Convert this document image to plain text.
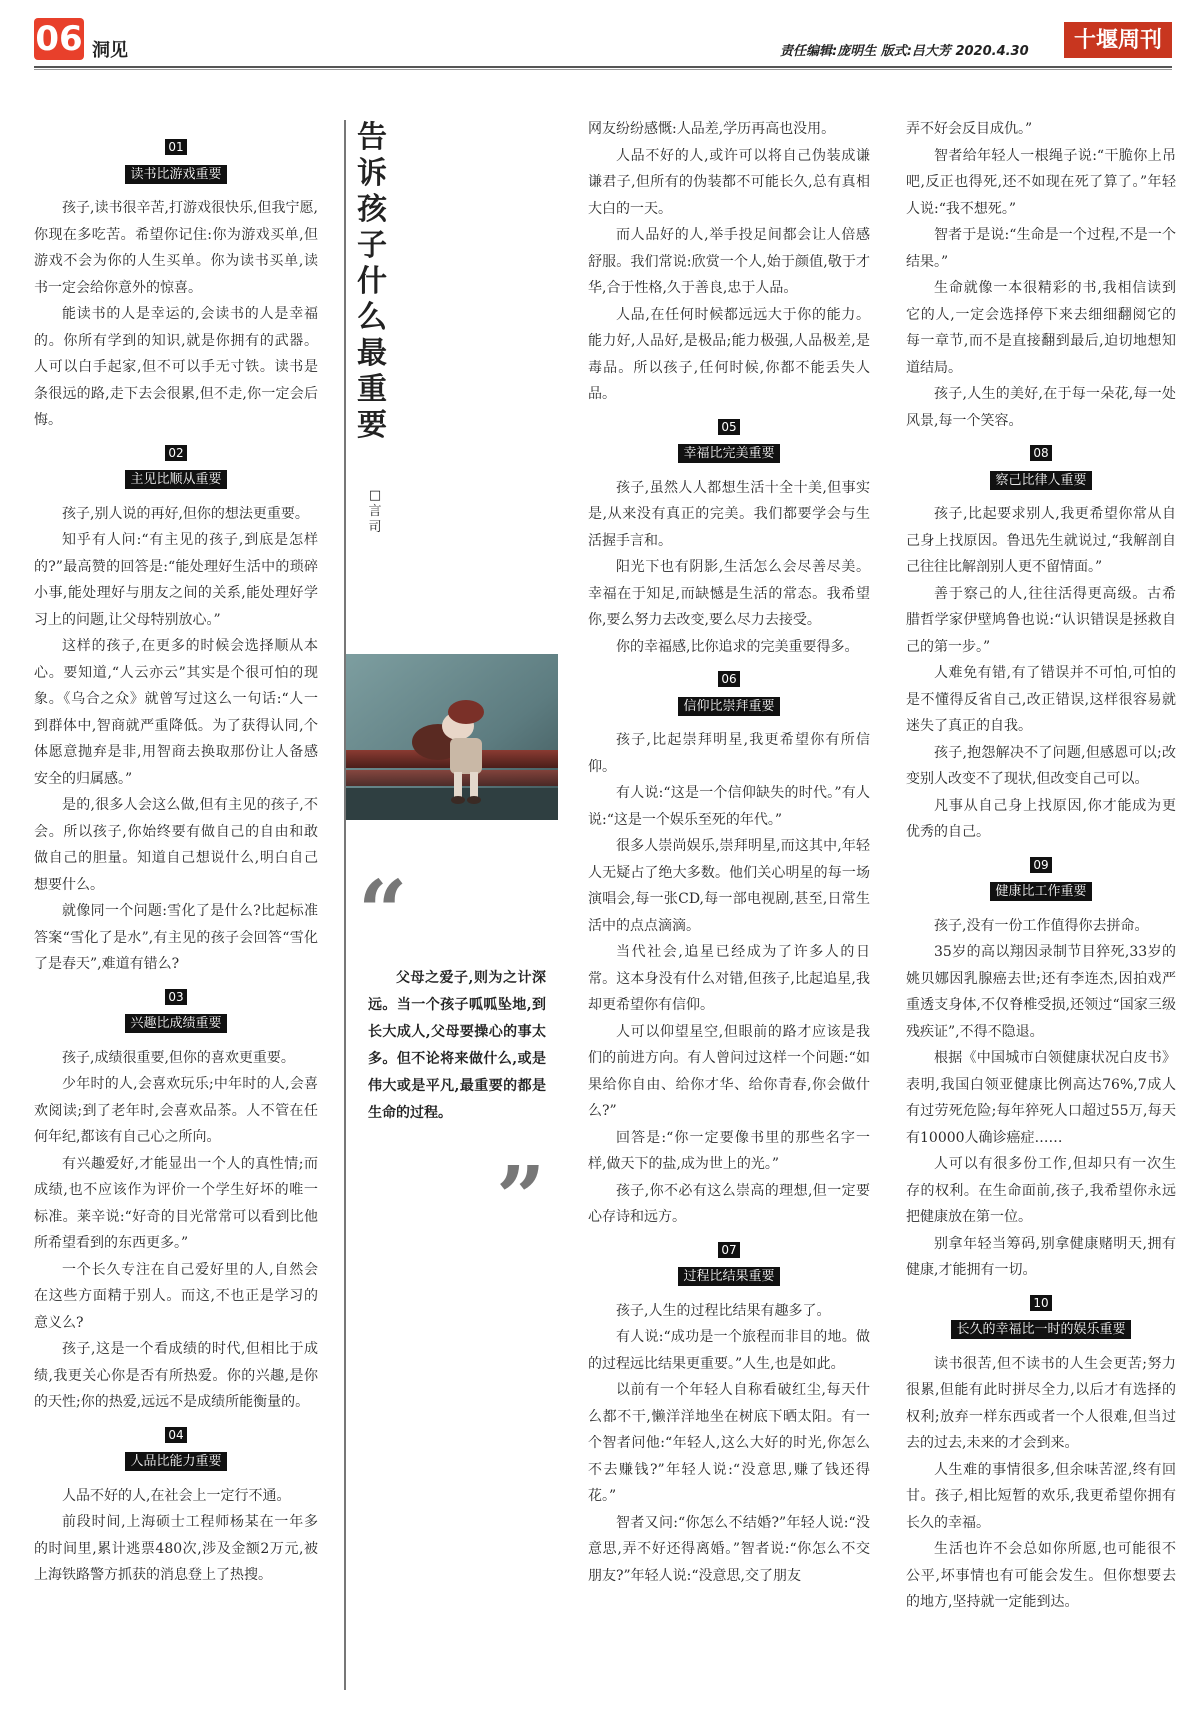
06 洞见	责任编辑:庞明生 版式:吕大芳 2020.4.30	十堰周刊
01
读书比游戏重要

孩子,读书很辛苦,打游戏很快乐,但我宁愿,你现在多吃苦。希望你记住:你为游戏买单,但游戏不会为你的人生买单。你为读书买单,读书一定会给你意外的惊喜。

能读书的人是幸运的,会读书的人是幸福的。你所有学到的知识,就是你拥有的武器。人可以白手起家,但不可以手无寸铁。读书是条很远的路,走下去会很累,但不走,你一定会后悔。

02
主见比顺从重要

孩子,别人说的再好,但你的想法更重要。

知乎有人问:“有主见的孩子,到底是怎样的?”最高赞的回答是:“能处理好生活中的琐碎小事,能处理好与朋友之间的关系,能处理好学习上的问题,让父母特别放心。”

这样的孩子,在更多的时候会选择顺从本心。要知道,“人云亦云”其实是个很可怕的现象。《乌合之众》就曾写过这么一句话:“人一到群体中,智商就严重降低。为了获得认同,个体愿意抛弃是非,用智商去换取那份让人备感安全的归属感。”

是的,很多人会这么做,但有主见的孩子,不会。所以孩子,你始终要有做自己的自由和敢做自己的胆量。知道自己想说什么,明白自己想要什么。

就像同一个问题:雪化了是什么?比起标准答案“雪化了是水”,有主见的孩子会回答“雪化了是春天”,难道有错么?

03
兴趣比成绩重要

孩子,成绩很重要,但你的喜欢更重要。

少年时的人,会喜欢玩乐;中年时的人,会喜欢阅读;到了老年时,会喜欢品茶。人不管在任何年纪,都该有自己心之所向。

有兴趣爱好,才能显出一个人的真性情;而成绩,也不应该作为评价一个学生好坏的唯一标准。莱辛说:“好奇的目光常常可以看到比他所希望看到的东西更多。”

一个长久专注在自己爱好里的人,自然会在这些方面精于别人。而这,不也正是学习的意义么?

孩子,这是一个看成绩的时代,但相比于成绩,我更关心你是否有所热爱。你的兴趣,是你的天性;你的热爱,远远不是成绩所能衡量的。

04
人品比能力重要

人品不好的人,在社会上一定行不通。

前段时间,上海硕士工程师杨某在一年多的时间里,累计逃票480次,涉及金额2万元,被上海铁路警方抓获的消息登上了热搜。

告诉孩子什么最重要
□言司
“
父母之爱子,则为之计深远。当一个孩子呱呱坠地,到长大成人,父母要操心的事太多。但不论将来做什么,或是伟大或是平凡,最重要的都是生命的过程。
”

网友纷纷感慨:人品差,学历再高也没用。

人品不好的人,或许可以将自己伪装成谦谦君子,但所有的伪装都不可能长久,总有真相大白的一天。

而人品好的人,举手投足间都会让人倍感舒服。我们常说:欣赏一个人,始于颜值,敬于才华,合于性格,久于善良,忠于人品。

人品,在任何时候都远远大于你的能力。能力好,人品好,是极品;能力极强,人品极差,是毒品。所以孩子,任何时候,你都不能丢失人品。

05
幸福比完美重要

孩子,虽然人人都想生活十全十美,但事实是,从来没有真正的完美。我们都要学会与生活握手言和。

阳光下也有阴影,生活怎么会尽善尽美。幸福在于知足,而缺憾是生活的常态。我希望你,要么努力去改变,要么尽力去接受。

你的幸福感,比你追求的完美重要得多。

06
信仰比崇拜重要

孩子,比起崇拜明星,我更希望你有所信仰。

有人说:“这是一个信仰缺失的时代。”有人说:“这是一个娱乐至死的年代。”

很多人崇尚娱乐,崇拜明星,而这其中,年轻人无疑占了绝大多数。他们关心明星的每一场演唱会,每一张CD,每一部电视剧,甚至,日常生活中的点点滴滴。

当代社会,追星已经成为了许多人的日常。这本身没有什么对错,但孩子,比起追星,我却更希望你有信仰。

人可以仰望星空,但眼前的路才应该是我们的前进方向。有人曾问过这样一个问题:“如果给你自由、给你才华、给你青春,你会做什么?”

回答是:“你一定要像书里的那些名字一样,做天下的盐,成为世上的光。”

孩子,你不必有这么崇高的理想,但一定要心存诗和远方。

07
过程比结果重要

孩子,人生的过程比结果有趣多了。

有人说:“成功是一个旅程而非目的地。做的过程远比结果更重要。”人生,也是如此。

以前有一个年轻人自称看破红尘,每天什么都不干,懒洋洋地坐在树底下晒太阳。有一个智者问他:“年轻人,这么大好的时光,你怎么不去赚钱?”年轻人说:“没意思,赚了钱还得花。”

智者又问:“你怎么不结婚?”年轻人说:“没意思,弄不好还得离婚。”智者说:“你怎么不交朋友?”年轻人说:“没意思,交了朋友

弄不好会反目成仇。”

智者给年轻人一根绳子说:“干脆你上吊吧,反正也得死,还不如现在死了算了。”年轻人说:“我不想死。”

智者于是说:“生命是一个过程,不是一个结果。”

生命就像一本很精彩的书,我相信读到它的人,一定会选择停下来去细细翻阅它的每一章节,而不是直接翻到最后,迫切地想知道结局。

孩子,人生的美好,在于每一朵花,每一处风景,每一个笑容。

08
察己比律人重要

孩子,比起要求别人,我更希望你常从自己身上找原因。鲁迅先生就说过,“我解剖自己往往比解剖别人更不留情面。”

善于察己的人,往往活得更高级。古希腊哲学家伊壁鸠鲁也说:“认识错误是拯救自己的第一步。”

人难免有错,有了错误并不可怕,可怕的是不懂得反省自己,改正错误,这样很容易就迷失了真正的自我。

孩子,抱怨解决不了问题,但感恩可以;改变别人改变不了现状,但改变自己可以。

凡事从自己身上找原因,你才能成为更优秀的自己。

09
健康比工作重要

孩子,没有一份工作值得你去拼命。

35岁的高以翔因录制节目猝死,33岁的姚贝娜因乳腺癌去世;还有李连杰,因拍戏严重透支身体,不仅脊椎受损,还领过“国家三级残疾证”,不得不隐退。

根据《中国城市白领健康状况白皮书》表明,我国白领亚健康比例高达76%,7成人有过劳死危险;每年猝死人口超过55万,每天有10000人确诊癌症……

人可以有很多份工作,但却只有一次生存的权利。在生命面前,孩子,我希望你永远把健康放在第一位。

别拿年轻当筹码,别拿健康赌明天,拥有健康,才能拥有一切。

10
长久的幸福比一时的娱乐重要

读书很苦,但不读书的人生会更苦;努力很累,但能有此时拼尽全力,以后才有选择的权利;放弃一样东西或者一个人很难,但当过去的过去,未来的才会到来。

人生难的事情很多,但余味苦涩,终有回甘。孩子,相比短暂的欢乐,我更希望你拥有长久的幸福。

生活也许不会总如你所愿,也可能很不公平,坏事情也有可能会发生。但你想要去的地方,坚持就一定能到达。
